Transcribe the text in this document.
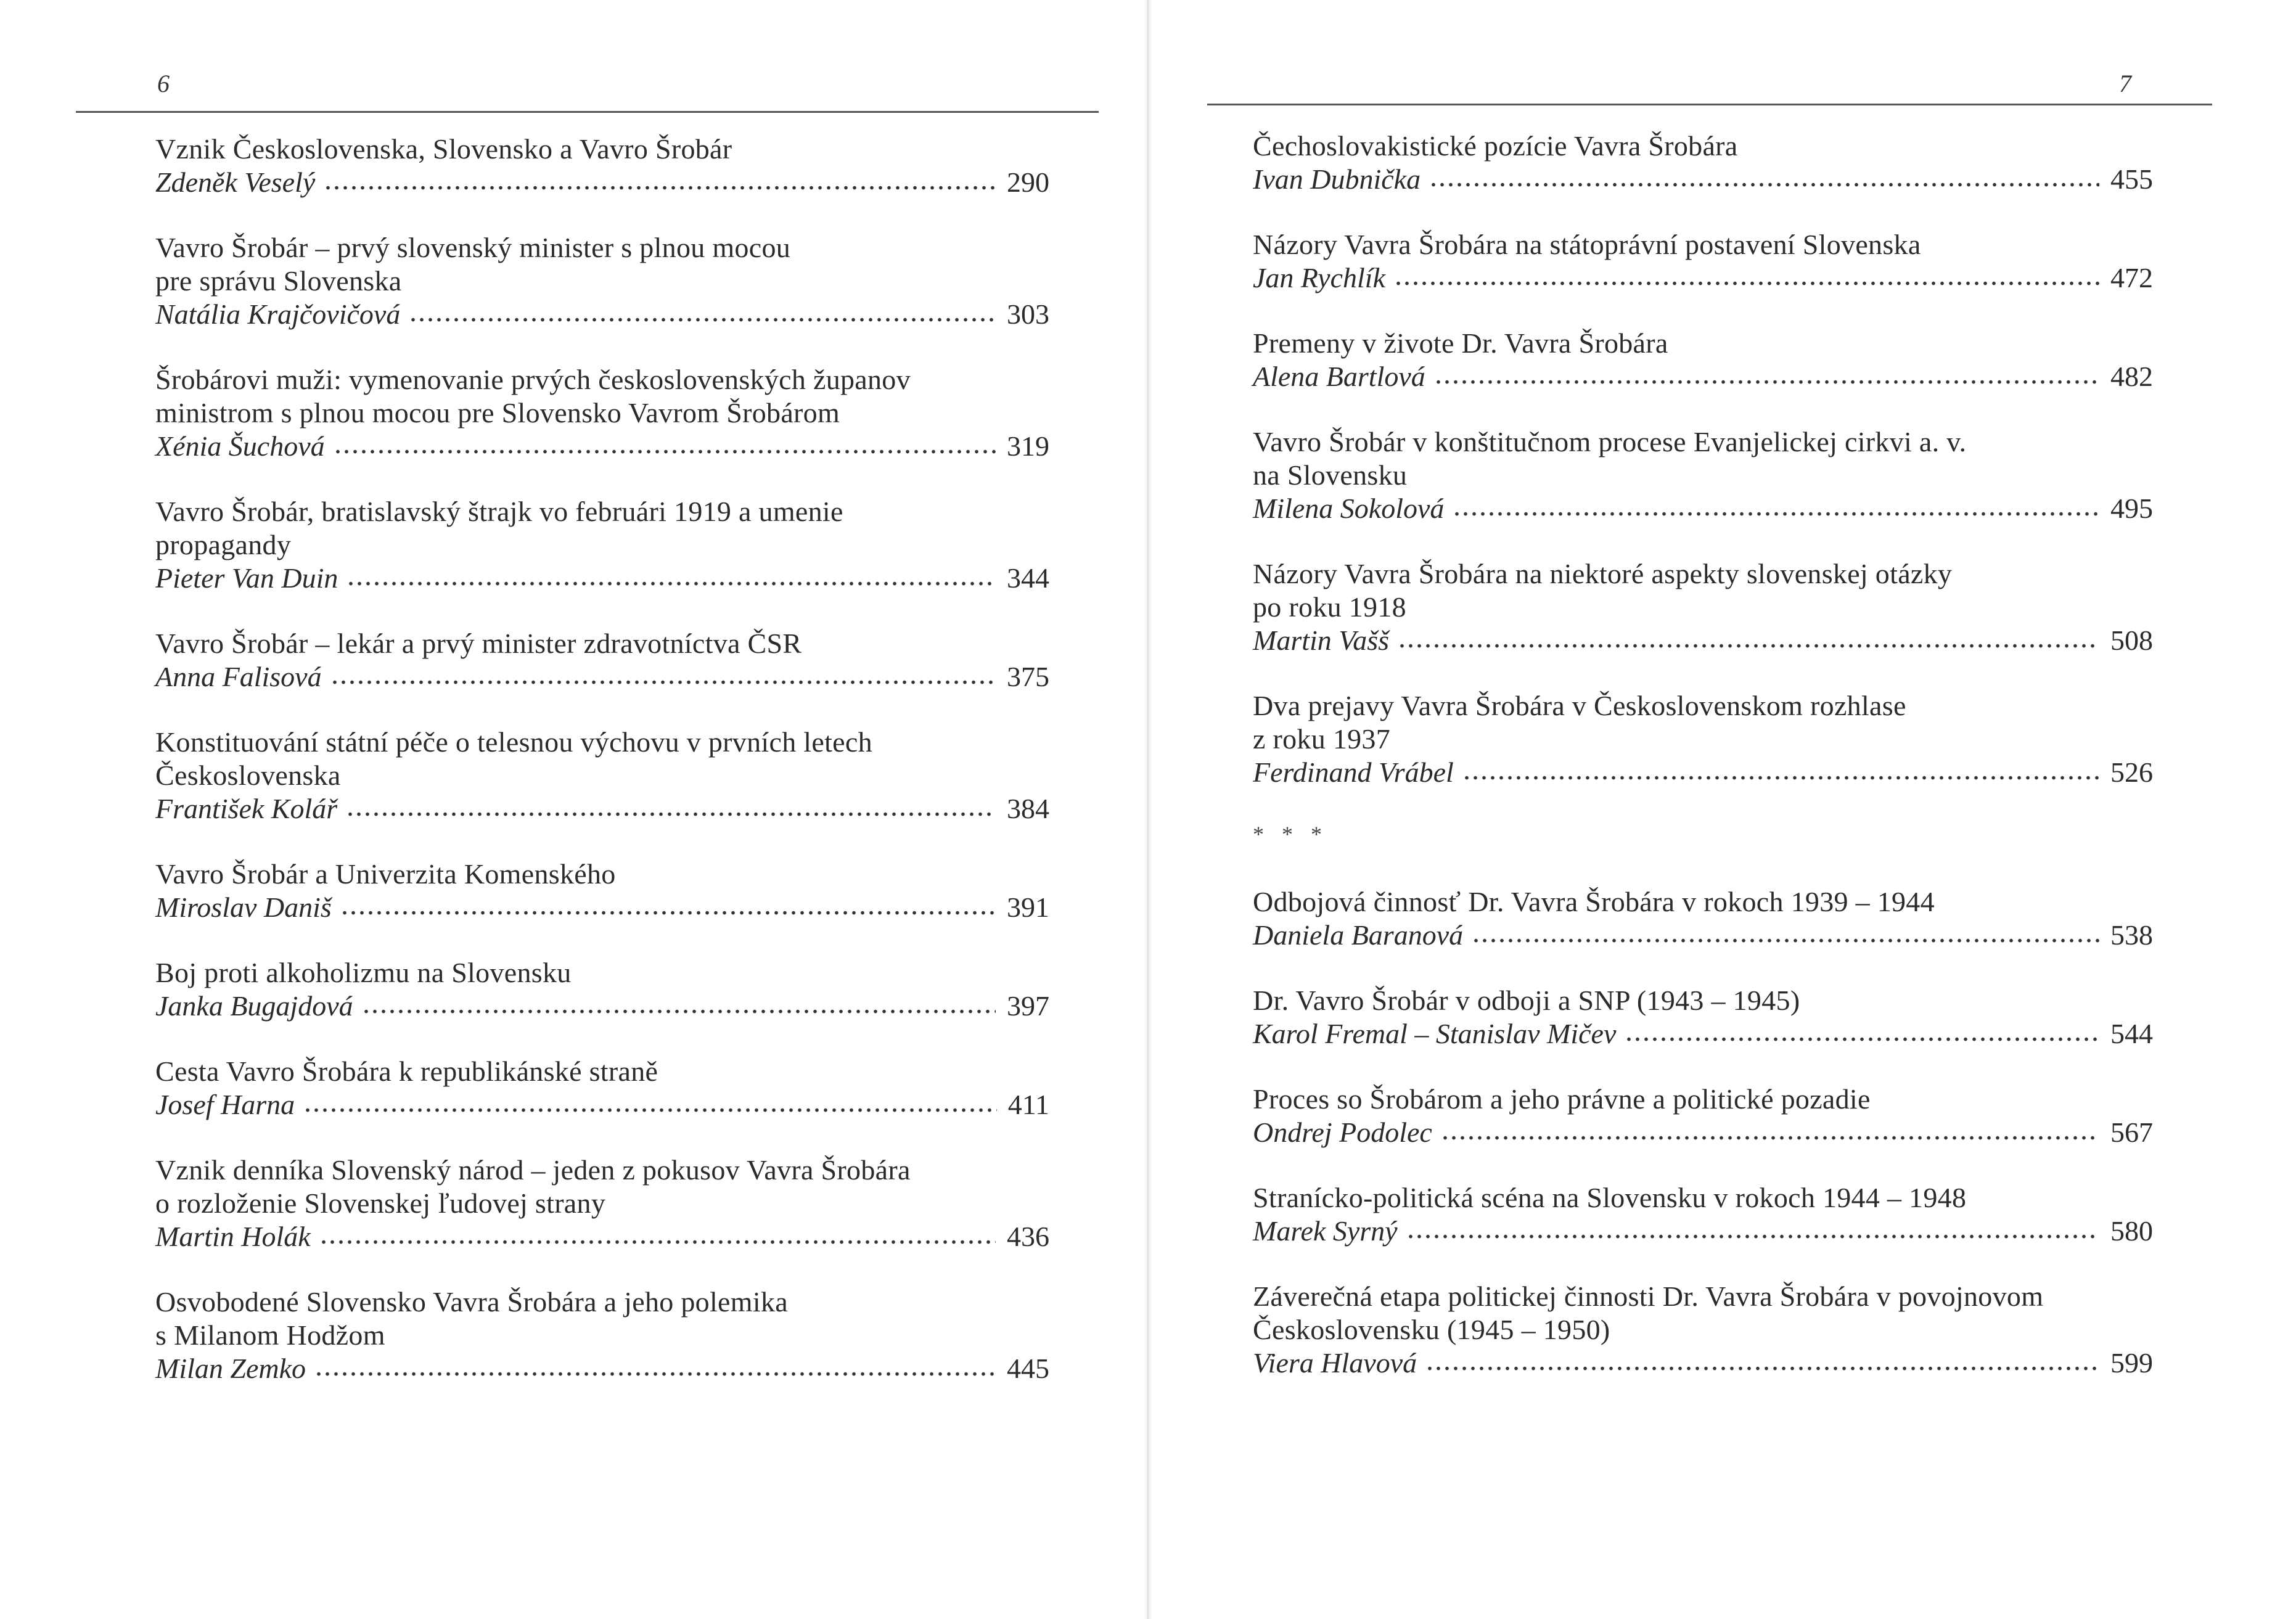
6
Vznik Československa, Slovensko a Vavro Šrobár
Zdeněk Veselý	290
Vavro Šrobár – prvý slovenský minister s plnou mocou
pre správu Slovenska
Natália Krajčovičová	303
Šrobárovi muži: vymenovanie prvých československých županov
ministrom s plnou mocou pre Slovensko Vavrom Šrobárom
Xénia Šuchová	319
Vavro Šrobár, bratislavský štrajk vo februári 1919 a umenie
propagandy
Pieter Van Duin	344
Vavro Šrobár – lekár a prvý minister zdravotníctva ČSR
Anna Falisová	375
Konstituování státní péče o telesnou výchovu v prvních letech
Československa
František Kolář	384
Vavro Šrobár a Univerzita Komenského
Miroslav Daniš	391
Boj proti alkoholizmu na Slovensku
Janka Bugajdová	397
Cesta Vavro Šrobára k republikánské straně
Josef Harna	411
Vznik denníka Slovenský národ – jeden z pokusov Vavra Šrobára
o rozloženie Slovenskej ľudovej strany
Martin Holák	436
Osvobodené Slovensko Vavra Šrobára a jeho polemika
s Milanom Hodžom
Milan Zemko	445
7
Čechoslovakistické pozície Vavra Šrobára
Ivan Dubnička	455
Názory Vavra Šrobára na státoprávní postavení Slovenska
Jan Rychlík	472
Premeny v živote Dr. Vavra Šrobára
Alena Bartlová	482
Vavro Šrobár v konštitučnom procese Evanjelickej cirkvi a. v.
na Slovensku
Milena Sokolová	495
Názory Vavra Šrobára na niektoré aspekty slovenskej otázky
po roku 1918
Martin Vašš	508
Dva prejavy Vavra Šrobára v Československom rozhlase
z roku 1937
Ferdinand Vrábel	526
* * *
Odbojová činnosť Dr. Vavra Šrobára v rokoch 1939 – 1944
Daniela Baranová	538
Dr. Vavro Šrobár v odboji a SNP (1943 – 1945)
Karol Fremal – Stanislav Mičev	544
Proces so Šrobárom a jeho právne a politické pozadie
Ondrej Podolec	567
Stranícko-politická scéna na Slovensku v rokoch 1944 – 1948
Marek Syrný	580
Záverečná etapa politickej činnosti Dr. Vavra Šrobára v povojnovom
Československu (1945 – 1950)
Viera Hlavová	599
